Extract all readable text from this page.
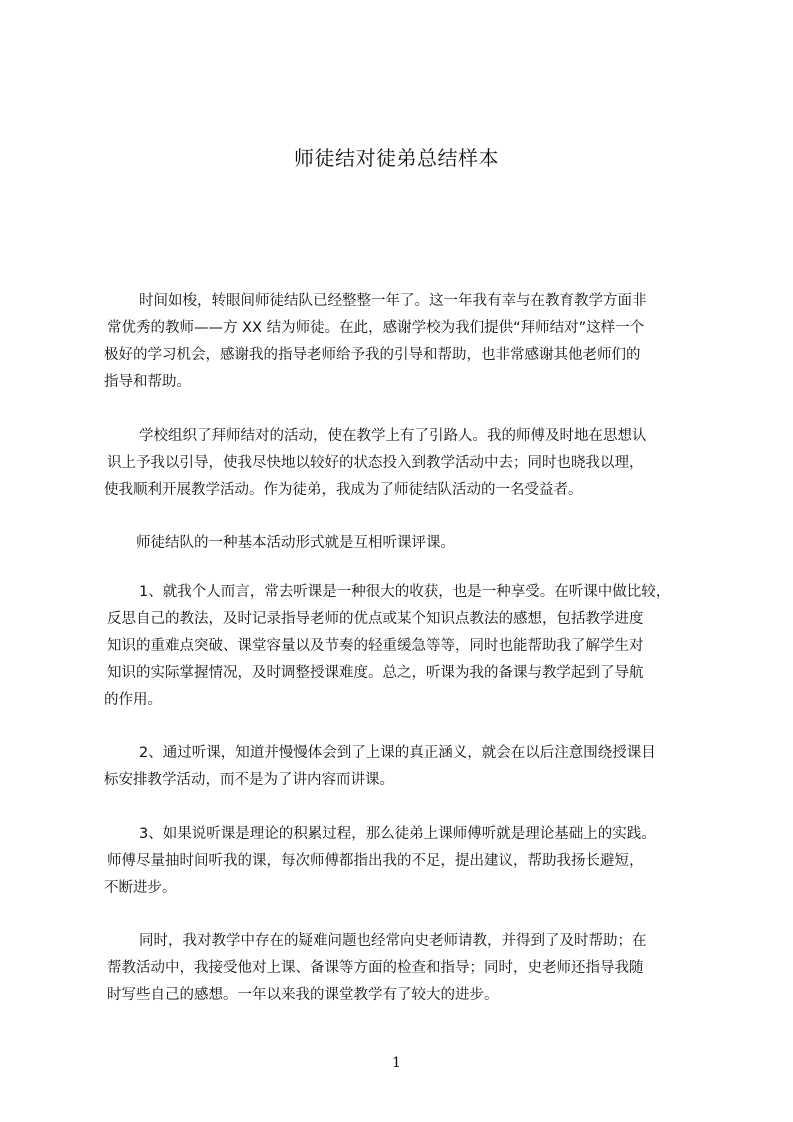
师徒结对徒弟总结样本
时间如梭，转眼间师徒结队已经整整一年了。这一年我有幸与在教育教学方面非
常优秀的教师——方 XX 结为师徒。在此，感谢学校为我们提供“拜师结对”这样一个
极好的学习机会，感谢我的指导老师给予我的引导和帮助，也非常感谢其他老师们的
指导和帮助。
学校组织了拜师结对的活动，使在教学上有了引路人。我的师傅及时地在思想认
识上予我以引导，使我尽快地以较好的状态投入到教学活动中去；同时也晓我以理，
使我顺利开展教学活动。作为徒弟，我成为了师徒结队活动的一名受益者。
师徒结队的一种基本活动形式就是互相听课评课。
1、就我个人而言，常去听课是一种很大的收获，也是一种享受。在听课中做比较，
反思自己的教法，及时记录指导老师的优点或某个知识点教法的感想，包括教学进度
知识的重难点突破、课堂容量以及节奏的轻重缓急等等，同时也能帮助我了解学生对
知识的实际掌握情况，及时调整授课难度。总之，听课为我的备课与教学起到了导航
的作用。
2、通过听课，知道并慢慢体会到了上课的真正涵义，就会在以后注意围绕授课目
标安排教学活动，而不是为了讲内容而讲课。
3、如果说听课是理论的积累过程，那么徒弟上课师傅听就是理论基础上的实践。
师傅尽量抽时间听我的课，每次师傅都指出我的不足，提出建议，帮助我扬长避短，
不断进步。
同时，我对教学中存在的疑难问题也经常向史老师请教，并得到了及时帮助；在
帮教活动中，我接受他对上课、备课等方面的检查和指导；同时，史老师还指导我随
时写些自己的感想。一年以来我的课堂教学有了较大的进步。
1
